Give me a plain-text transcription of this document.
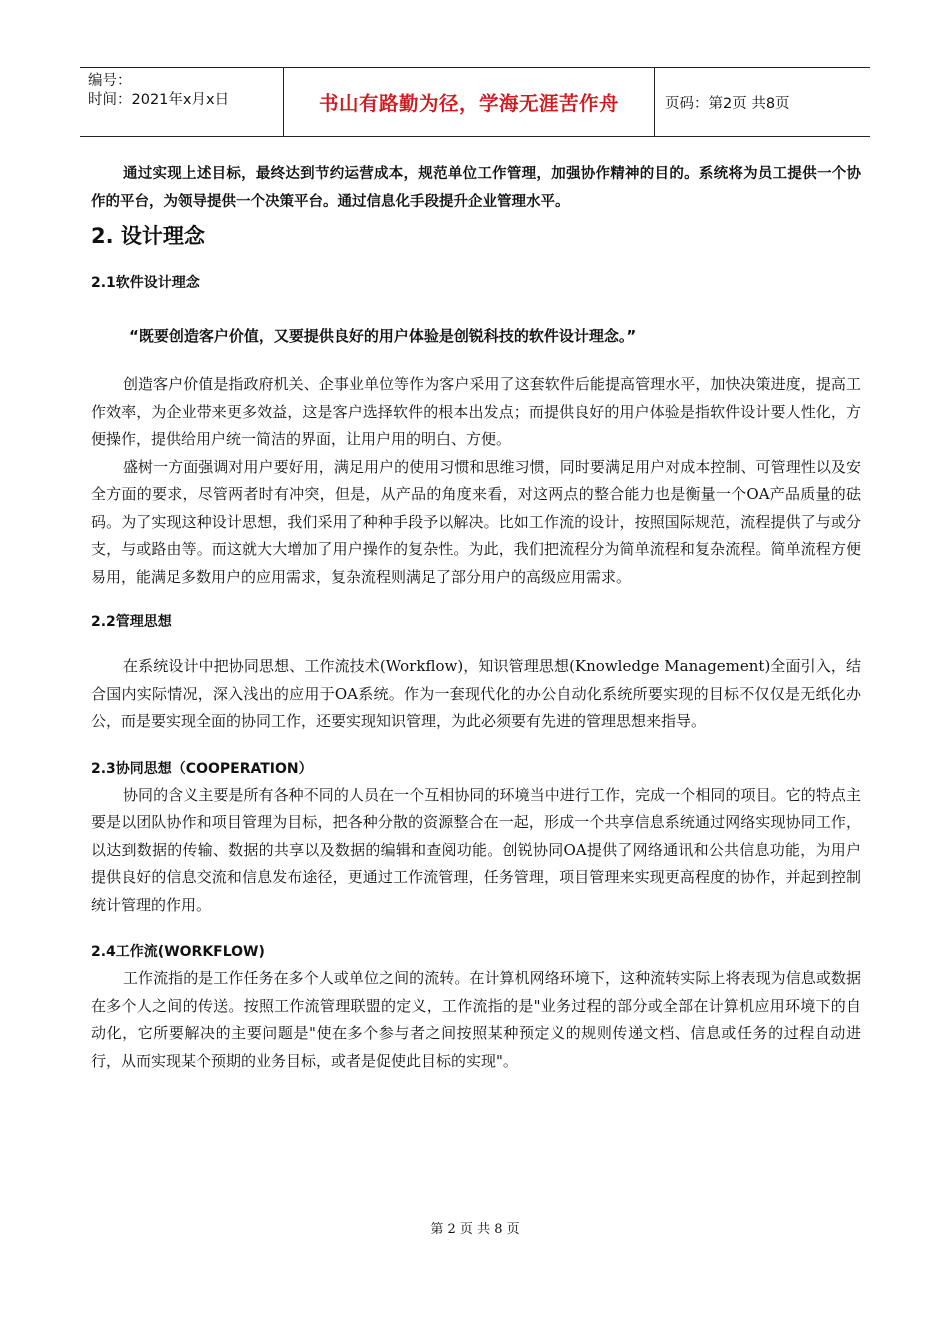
编号：
时间：2021年x月x日	书山有路勤为径，学海无涯苦作舟	页码：第2页 共8页

通过实现上述目标，最终达到节约运营成本，规范单位工作管理，加强协作精神的目的。系统将为员工提供一个协作的平台，为领导提供一个决策平台。通过信息化手段提升企业管理水平。

2. 设计理念
2.1软件设计理念
“既要创造客户价值，又要提供良好的用户体验是创锐科技的软件设计理念。”

创造客户价值是指政府机关、企事业单位等作为客户采用了这套软件后能提高管理水平，加快决策进度，提高工作效率，为企业带来更多效益，这是客户选择软件的根本出发点；而提供良好的用户体验是指软件设计要人性化，方便操作，提供给用户统一简洁的界面，让用户用的明白、方便。

盛树一方面强调对用户要好用，满足用户的使用习惯和思维习惯，同时要满足用户对成本控制、可管理性以及安全方面的要求，尽管两者时有冲突，但是，从产品的角度来看，对这两点的整合能力也是衡量一个OA产品质量的砝码。为了实现这种设计思想，我们采用了种种手段予以解决。比如工作流的设计，按照国际规范，流程提供了与或分支，与或路由等。而这就大大增加了用户操作的复杂性。为此，我们把流程分为简单流程和复杂流程。简单流程方便易用，能满足多数用户的应用需求，复杂流程则满足了部分用户的高级应用需求。

2.2管理思想

在系统设计中把协同思想、工作流技术(Workflow)，知识管理思想(Knowledge Management)全面引入，结合国内实际情况，深入浅出的应用于OA系统。作为一套现代化的办公自动化系统所要实现的目标不仅仅是无纸化办公，而是要实现全面的协同工作，还要实现知识管理，为此必须要有先进的管理思想来指导。

2.3协同思想（COOPERATION）

协同的含义主要是所有各种不同的人员在一个互相协同的环境当中进行工作，完成一个相同的项目。它的特点主要是以团队协作和项目管理为目标，把各种分散的资源整合在一起，形成一个共享信息系统通过网络实现协同工作，以达到数据的传输、数据的共享以及数据的编辑和查阅功能。创锐协同OA提供了网络通讯和公共信息功能，为用户提供良好的信息交流和信息发布途径，更通过工作流管理，任务管理，项目管理来实现更高程度的协作，并起到控制统计管理的作用。

2.4工作流(WORKFLOW)

工作流指的是工作任务在多个人或单位之间的流转。在计算机网络环境下，这种流转实际上将表现为信息或数据在多个人之间的传送。按照工作流管理联盟的定义，工作流指的是"业务过程的部分或全部在计算机应用环境下的自动化，它所要解决的主要问题是"使在多个参与者之间按照某种预定义的规则传递文档、信息或任务的过程自动进行，从而实现某个预期的业务目标，或者是促使此目标的实现"。

第 2 页 共 8 页
